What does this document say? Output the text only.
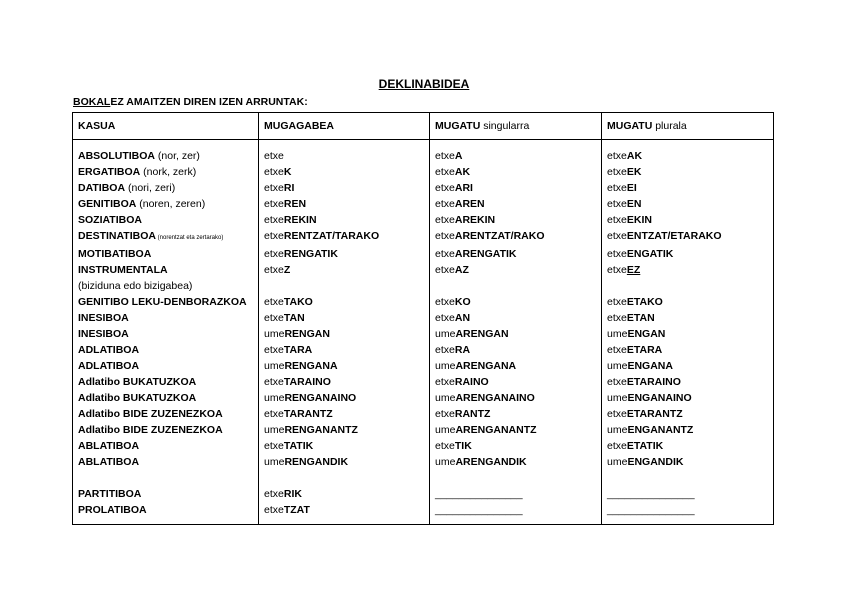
DEKLINABIDEA
BOKALEZ AMAITZEN DIREN IZEN ARRUNTAK:
KASUA	MUGAGABEA	MUGATU singularra	MUGATU plurala
ABSOLUTIBOA (nor, zer)	etxe	etxeA	etxeAK
ERGATIBOA (nork, zerk)	etxeK	etxeAK	etxeEK
DATIBOA (nori, zeri)	etxeRI	etxeARI	etxeEI
GENITIBOA (noren, zeren)	etxeREN	etxeAREN	etxeEN
SOZIATIBOA	etxeREKIN	etxeAREKIN	etxeEKIN
DESTINATIBOA (norentzat eta zertarako)	etxeRENTZAT/TARAKO	etxeARENTZAT/RAKO	etxeENTZAT/ETARAKO
MOTIBATIBOA	etxeRENGATIK	etxeARENGATIK	etxeENGATIK
INSTRUMENTALA	etxeZ	etxeAZ	etxeEZ
(biziduna edo bizigabea)			
GENITIBO LEKU-DENBORAZKOA	etxeTAKO	etxeKO	etxeETAKO
INESIBOA	etxeTAN	etxeAN	etxeETAN
INESIBOA	umeRENGAN	umeARENGAN	umeENGAN
ADLATIBOA	etxeTARA	etxeRA	etxeETARA
ADLATIBOA	umeRENGANA	umeARENGANA	umeENGANA
Adlatibo BUKATUZKOA	etxeTARAINO	etxeRAINO	etxeETARAINO
Adlatibo BUKATUZKOA	umeRENGANAINO	umeARENGANAINO	umeENGANAINO
Adlatibo BIDE ZUZENEZKOA	etxeTARANTZ	etxeRANTZ	etxeETARANTZ
Adlatibo BIDE ZUZENEZKOA	umeRENGANANTZ	umeARENGANANTZ	umeENGANANTZ
ABLATIBOA	etxeTATIK	etxeTIK	etxeETATIK
ABLATIBOA	umeRENGANDIK	umeARENGANDIK	umeENGANDIK

PARTITIBOA	etxeRIK	_______________	_______________
PROLATIBOA	etxeTZAT	_______________	_______________
